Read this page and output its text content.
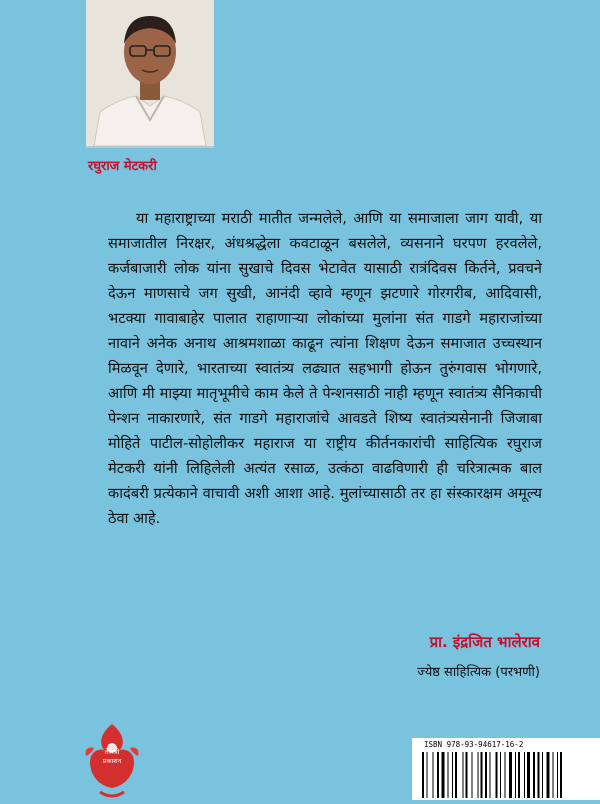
रघुराज मेटकरी

या महाराष्ट्राच्या मराठी मातीत जन्मलेले, आणि या समाजाला जाग यावी, या समाजातील निरक्षर, अंधश्रद्धेला कवटाळून बसलेले, व्यसनाने घरपण हरवलेले, कर्जबाजारी लोक यांना सुखाचे दिवस भेटावेत यासाठी रात्रंदिवस किर्तने, प्रवचने देऊन माणसाचे जग सुखी, आनंदी व्हावे म्हणून झटणारे गोरगरीब, आदिवासी, भटक्या गावाबाहेर पालात राहाणाऱ्या लोकांच्या मुलांना संत गाडगे महाराजांच्या नावाने अनेक अनाथ आश्रमशाळा काढून त्यांना शिक्षण देऊन समाजात उच्चस्थान मिळवून देणारे, भारताच्या स्वातंत्र्य लढ्यात सहभागी होऊन तुरुंगवास भोगणारे, आणि मी माझ्या मातृभूमीचे काम केले ते पेन्शनसाठी नाही म्हणून स्वातंत्र्य सैनिकाची पेन्शन नाकारणारे, संत गाडगे महाराजांचे आवडते शिष्य स्वातंत्र्यसेनानी जिजाबा मोहिते पाटील-सोहोलीकर महाराज या राष्ट्रीय कीर्तनकारांची साहित्यिक रघुराज मेटकरी यांनी लिहिलेली अत्यंत रसाळ, उत्कंठा वाढविणारी ही चरित्रात्मक बाल कादंबरी प्रत्येकाने वाचावी अशी आशा आहे. मुलांच्यासाठी तर हा संस्कारक्षम अमूल्य ठेवा आहे.

प्रा. इंद्रजित भालेराव
ज्येष्ठ साहित्यिक (परभणी)
तेजश्री
प्रकाशन
ISBN 978-93-94617-16-2
